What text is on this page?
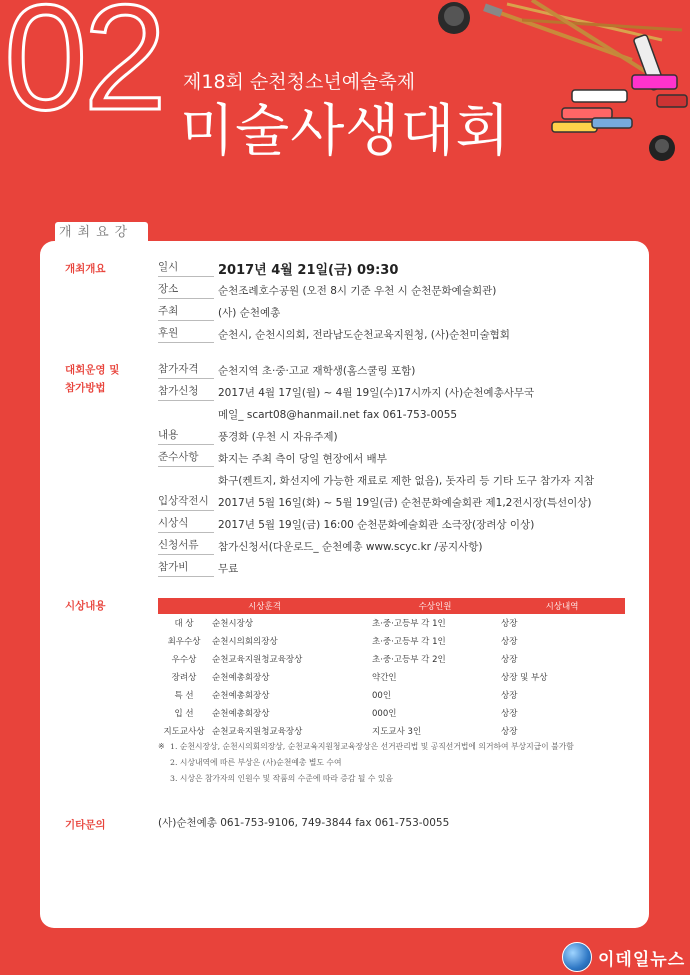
02 제18회 순천청소년예술축제
미술사생대회
개최요강
개최개요	일시	2017년 4월 21일(금) 09:30
장소	순천조례호수공원 (오전 8시 기준 우천 시 순천문화예술회관)
주최	(사) 순천예총
후원	순천시, 순천시의회, 전라남도순천교육지원청, (사)순천미술협회
대회운영 및
참가방법
참가자격	순천지역 초·중·고교 재학생(홈스쿨링 포함)
참가신청	2017년 4월 17일(월) ~ 4월 19일(수)17시까지 (사)순천예총사무국
메일_ scart08@hanmail.net fax 061-753-0055
내용	풍경화 (우천 시 자유주제)
준수사항	화지는 주최 측이 당일 현장에서 배부
화구(켄트지, 화선지에 가능한 재료로 제한 없음), 돗자리 등 기타 도구 참가자 지참
입상작전시 2017년 5월 16일(화) ~ 5월 19일(금) 순천문화예술회관 제1,2전시장(특선이상)
시상식	2017년 5월 19일(금) 16:00 순천문화예술회관 소극장(장려상 이상)
신청서류	참가신청서(다운로드_ 순천예총 www.scyc.kr /공지사항)
참가비	무료
시상내용	시상훈격		수상인원	시상내역
대 상	순천시장상	초·중·고등부 각 1인	상장
최우수상	순천시의회의장상	초·중·고등부 각 1인	상장
우수상	순천교육지원청교육장상	초·중·고등부 각 2인	상장
장려상	순천예총회장상	약간인	상장 및 부상
특 선	순천예총회장상	00인	상장
입 선	순천예총회장상	000인	상장
지도교사상	순천교육지원청교육장상	지도교사 3인	상장
※ 1. 순천시장상, 순천시의회의장상, 순천교육지원청교육장상은 선거관리법 및 공직선거법에 의거하여 부상지급이 불가함
2. 시상내역에 따른 부상은 (사)순천예총 별도 수여
3. 시상은 참가자의 인원수 및 작품의 수준에 따라 증감 될 수 있음
기타문의	(사)순천예총 061-753-9106, 749-3844 fax 061-753-0055
이데일뉴스
